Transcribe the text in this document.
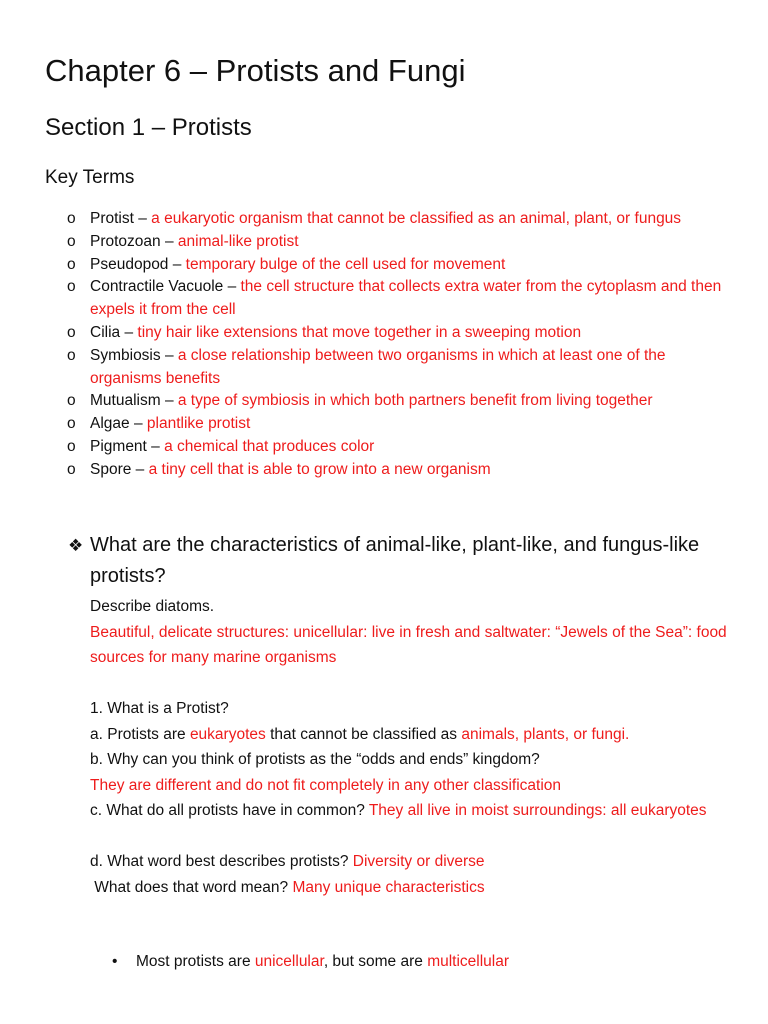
Chapter 6 – Protists and Fungi
Section 1 – Protists
Key Terms
o Protist – a eukaryotic organism that cannot be classified as an animal, plant, or fungus
o Protozoan – animal-like protist
o Pseudopod – temporary bulge of the cell used for movement
o Contractile Vacuole – the cell structure that collects extra water from the cytoplasm and then expels it from the cell
o Cilia – tiny hair like extensions that move together in a sweeping motion
o Symbiosis – a close relationship between two organisms in which at least one of the organisms benefits
o Mutualism – a type of symbiosis in which both partners benefit from living together
o Algae – plantlike protist
o Pigment – a chemical that produces color
o Spore – a tiny cell that is able to grow into a new organism
❖ What are the characteristics of animal-like, plant-like, and fungus-like protists?

Describe diatoms.

Beautiful, delicate structures: unicellular: live in fresh and saltwater: “Jewels of the Sea”: food sources for many marine organisms

1. What is a Protist?

a. Protists are eukaryotes that cannot be classified as animals, plants, or fungi.

b. Why can you think of protists as the “odds and ends” kingdom?

They are different and do not fit completely in any other classification

c. What do all protists have in common? They all live in moist surroundings: all eukaryotes

d. What word best describes protists? Diversity or diverse

What does that word mean? Many unique characteristics

• Most protists are unicellular, but some are multicellular
